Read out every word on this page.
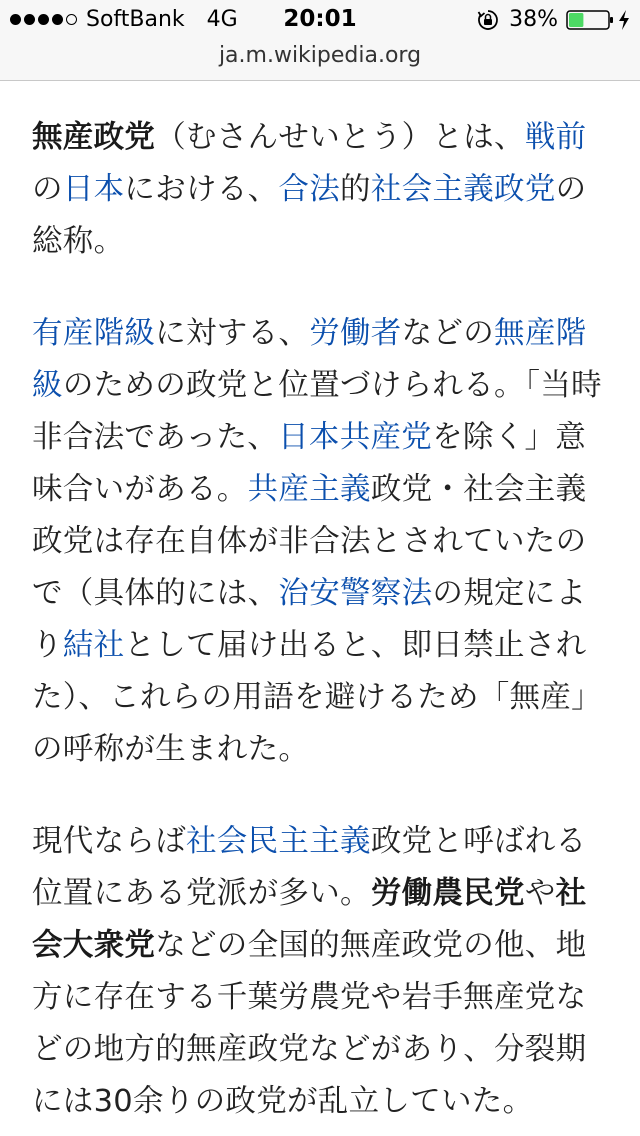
SoftBank 4G	20:01	38%
ja.m.wikipedia.org

無産政党（むさんせいとう）とは、戦前の日本における、合法的社会主義政党の総称。

有産階級に対する、労働者などの無産階級のための政党と位置づけられる。「当時非合法であった、日本共産党を除く」意味合いがある。共産主義政党・社会主義政党は存在自体が非合法とされていたので（具体的には、治安警察法の規定により結社として届け出ると、即日禁止された）、これらの用語を避けるため「無産」の呼称が生まれた。

現代ならば社会民主主義政党と呼ばれる位置にある党派が多い。労働農民党や社会大衆党などの全国的無産政党の他、地方に存在する千葉労農党や岩手無産党などの地方的無産政党などがあり、分裂期には30余りの政党が乱立していた。
